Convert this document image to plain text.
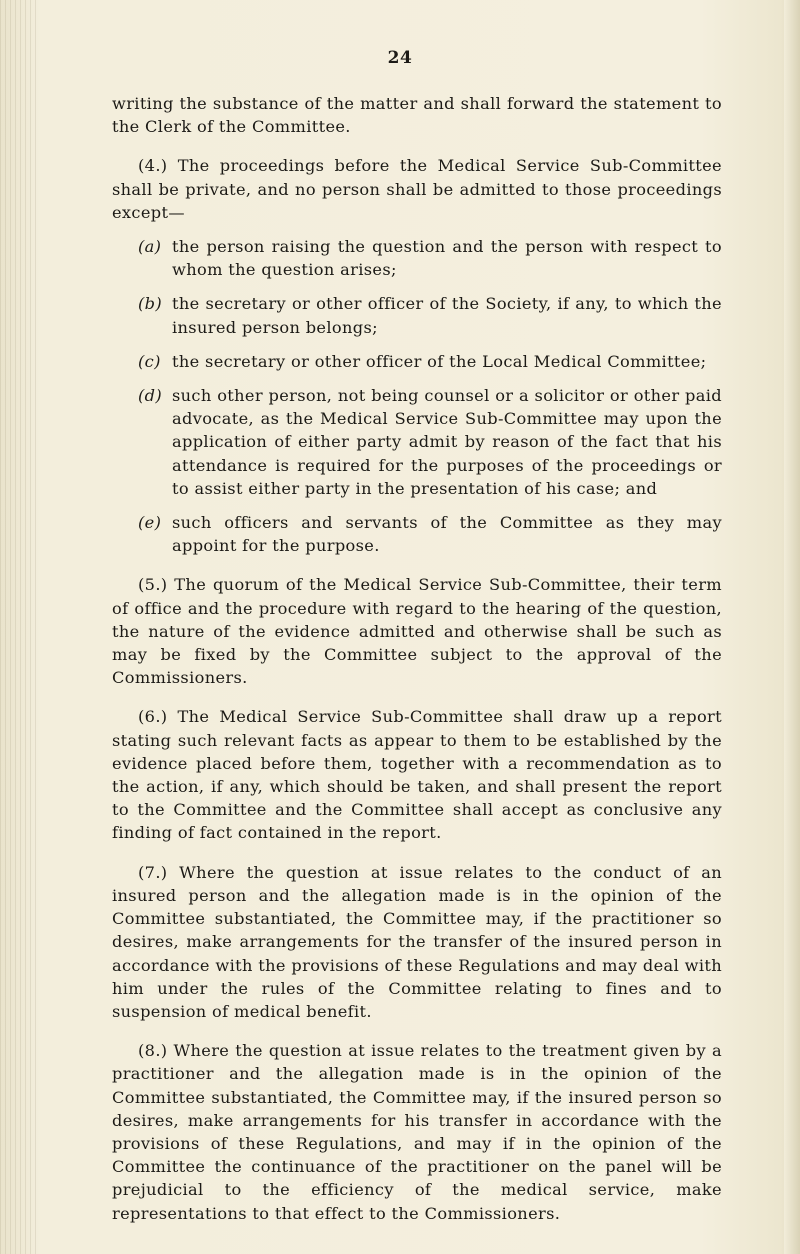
24

writing the substance of the matter and shall forward the statement to the Clerk of the Committee.

(4.) The proceedings before the Medical Service Sub-Committee shall be private, and no person shall be admitted to those proceedings except—

(a) the person raising the question and the person with respect to whom the question arises;
(b) the secretary or other officer of the Society, if any, to which the insured person belongs;
(c) the secretary or other officer of the Local Medical Committee;
(d) such other person, not being counsel or a solicitor or other paid advocate, as the Medical Service Sub-Committee may upon the application of either party admit by reason of the fact that his attendance is required for the purposes of the proceedings or to assist either party in the presentation of his case; and
(e) such officers and servants of the Committee as they may appoint for the purpose.

(5.) The quorum of the Medical Service Sub-Committee, their term of office and the procedure with regard to the hearing of the question, the nature of the evidence admitted and otherwise shall be such as may be fixed by the Committee subject to the approval of the Commissioners.

(6.) The Medical Service Sub-Committee shall draw up a report stating such relevant facts as appear to them to be established by the evidence placed before them, together with a recommendation as to the action, if any, which should be taken, and shall present the report to the Committee and the Committee shall accept as conclusive any finding of fact contained in the report.

(7.) Where the question at issue relates to the conduct of an insured person and the allegation made is in the opinion of the Committee substantiated, the Committee may, if the practitioner so desires, make arrangements for the transfer of the insured person in accordance with the provisions of these Regulations and may deal with him under the rules of the Committee relating to fines and to suspension of medical benefit.

(8.) Where the question at issue relates to the treatment given by a practitioner and the allegation made is in the opinion of the Committee substantiated, the Committee may, if the insured person so desires, make arrangements for his transfer in accordance with the provisions of these Regulations, and may if in the opinion of the Committee the continuance of the practitioner on the panel will be prejudicial to the efficiency of the medical service, make representations to that effect to the Commissioners.
